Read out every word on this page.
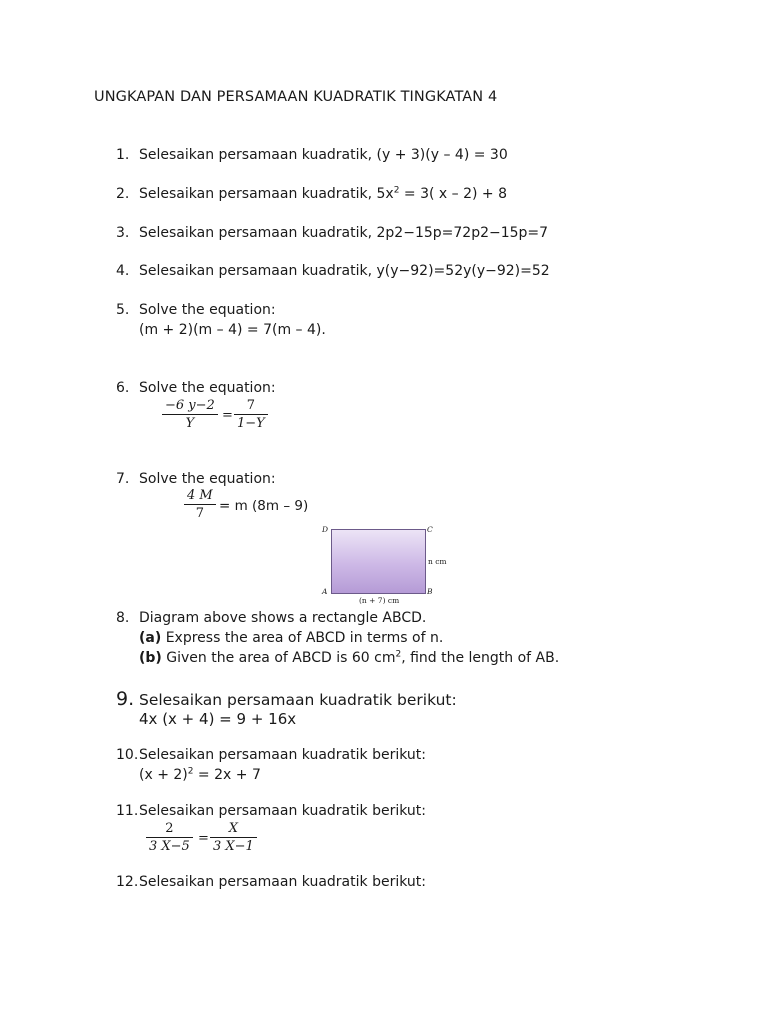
UNGKAPAN DAN PERSAMAAN KUADRATIK TINGKATAN 4
1. Selesaikan persamaan kuadratik, (y + 3)(y – 4) = 30
2. Selesaikan persamaan kuadratik, $5x^2 = 3$( x – 2) + 8
3. Selesaikan persamaan kuadratik, 2p2−15p=72p2−15p=7
4. Selesaikan persamaan kuadratik, y(y−92)=52y(y−92)=52
5. Solve the equation:
(m + 2)(m – 4) = 7(m – 4).
6. Solve the equation:
$\frac{-6 y-2}{Y} = \frac{7}{1-Y}$
7. Solve the equation:
$\frac{4 M}{7} = m$ (8m – 9)
D	C
A	B
n cm
(n + 7) cm
8. Diagram above shows a rectangle ABCD.
(a) Express the area of ABCD in terms of n.
(b) Given the area of ABCD is 60 $cm^2$, find the length of AB.
9. Selesaikan persamaan kuadratik berikut:
4x (x + 4) = 9 + 16x
10.Selesaikan persamaan kuadratik berikut:
$(x + 2)^2 = 2x + 7$
11.Selesaikan persamaan kuadratik berikut:
$\frac{2}{3 X-5} = \frac{X}{3 X-1}$
12.Selesaikan persamaan kuadratik berikut:
